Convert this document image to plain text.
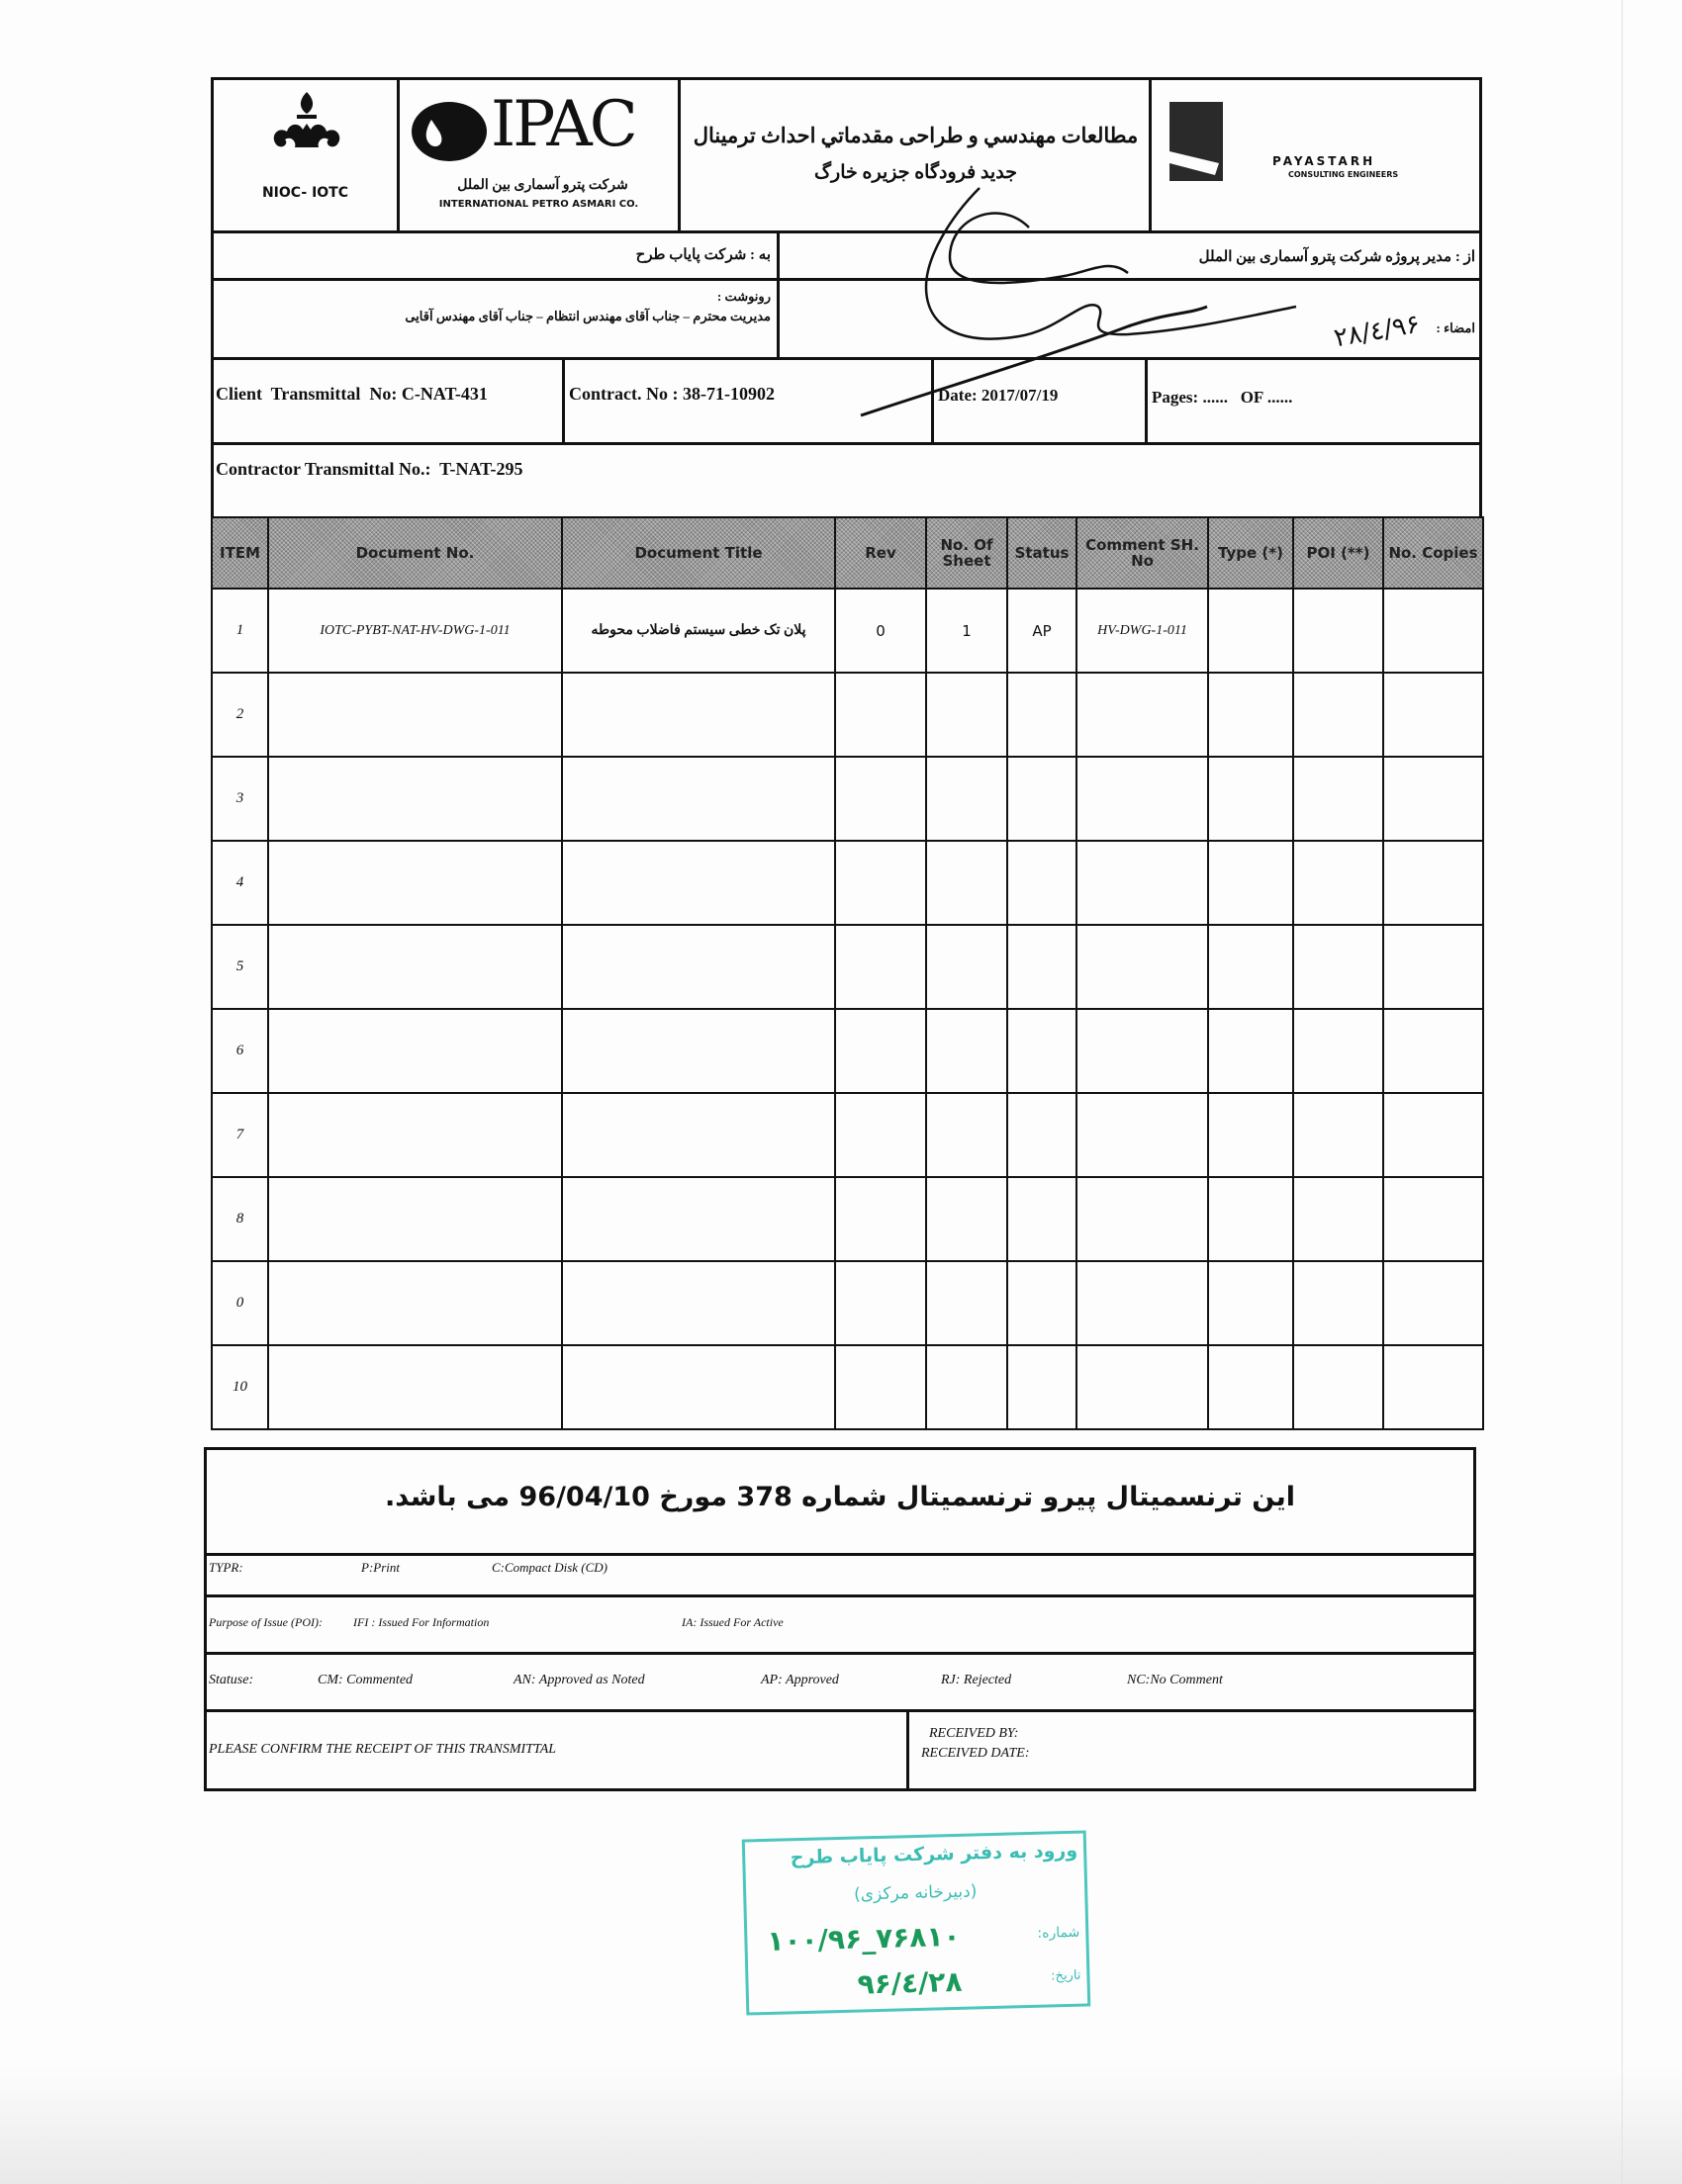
NIOC- IOTC
IPAC
شرکت پترو آسماری بین الملل
INTERNATIONAL PETRO ASMARI CO.
مطالعات مهندسي و طراحی مقدماتي احداث ترمينال
جديد فرودگاه جزيره خارگ
PAYASTARH
CONSULTING ENGINEERS
به : شرکت پایاب طرح	از : مدیر پروژه شرکت پترو آسماری بین الملل
رونوشت :
مدیریت محترم – جناب آقای مهندس انتظام – جناب آقای مهندس آقایی
امضاء :
۹۶/٤/۲۸
Client  Transmittal  No: C-NAT-431	Contract. No : 38-71-10902	Date: 2017/07/19	Pages: ......   OF ......
Contractor Transmittal No.:  T-NAT-295
ITEM	Document No.	Document Title	Rev	No. Of Sheet	Status	Comment SH. No	Type (*)	POI (**)	No. Copies
1	IOTC-PYBT-NAT-HV-DWG-1-011	پلان تک خطی سیستم فاضلاب محوطه	0	1	AP	HV-DWG-1-011			
2									
3									
4									
5									
6									
7									
8									
0									
10									
این ترنسمیتال پیرو ترنسمیتال شماره 378 مورخ 96/04/10 می باشد.
TYPR:	P:Print	C:Compact Disk (CD)
Purpose of Issue (POI):	IFI : Issued For Information	IA: Issued For Active
Statuse:	CM: Commented	AN: Approved as Noted	AP: Approved	RJ: Rejected	NC:No Comment
PLEASE CONFIRM THE RECEIPT OF THIS TRANSMITTAL
RECEIVED BY:
RECEIVED DATE:
ورود به دفتر شرکت پایاب طرح
(دبیرخانه مرکزی)
شماره:
۱۰۰/۹۶_۷۶۸۱۰
تاریخ:
۹۶/٤/۲۸
